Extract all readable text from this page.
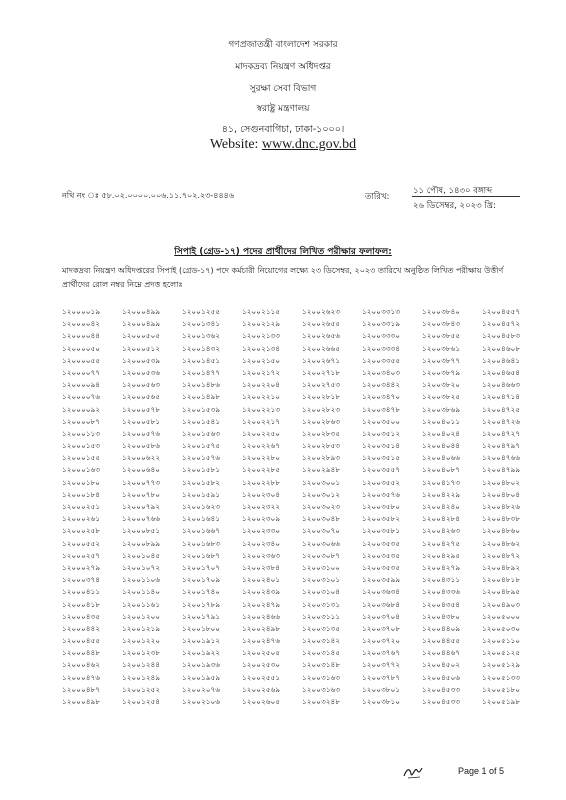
গণপ্রজাতন্ত্রী বাংলাদেশ সরকার
মাদকদ্রব্য নিয়ন্ত্রণ অধিদপ্তর
সুরক্ষা সেবা বিভাগ
স্বরাষ্ট্র মন্ত্রণালয়
৪১, সেগুনবাগিচা, ঢাকা-১০০০।
Website: www.dnc.gov.bd
নথি নং ঃ ৫৮.০২.০০০০.০০৬.১১.৭০২.২৩-৪৪৪৬	তারিখ:
১১ পৌষ, ১৪৩০ বঙ্গাব্দ
২৬ ডিসেম্বর, ২০২৩ খ্রি:
সিপাই (গ্রেড-১৭) পদের প্রার্থীদের লিখিত পরীক্ষার ফলাফল:
মাদকদ্রব্য নিয়ন্ত্রণ অধিদপ্তরের সিপাই (গ্রেড-১৭) পদে কর্মচারী নিয়োগের লক্ষ্যে ২৩ ডিসেম্বর, ২০২৩ তারিখে অনুষ্ঠিত লিখিত পরীক্ষায় উত্তীর্ণ প্রার্থীদের রোল নম্বর নিম্নে প্রদত্ত হলোঃ
১২০০০০১৯
১২০০০০৪২
১২০০০০৪৪
১২০০০০৫০
১২০০০০৫৫
১২০০০০৭৭
১২০০০০৯৪
১২০০০০৭৬
১২০০০০৯২
১২০০০০৮৭
১২০০০১১৩
১২০০০১৫৩
১২০০০১৫৫
১২০০০১৬৩
১২০০০১৮০
১২০০০১৮৪
১২০০০২৫১
১২০০০২৬১
১২০০০২৫৮
১২০০০৫৫২
১২০০০২৫৭
১২০০০২৭৯
১২০০০৩৭৪
১২০০০৪১১
১২০০০৪১৮
১২০০০৪৩৫
১২০০০৪৪২
১২০০০৪৫৫
১২০০০৪৪৮
১২০০০৪৬২
১২০০০৪৭৬
১২০০০৪৮৭
১২০০০৪৯৮
১২০০০৪৯৯
১২০০০৪৯৯
১২০০০৫০৫
১২০০০৫১২
১২০০০৫৩৯
১২০০০৫৩৬
১২০০০৫৬৩
১২০০০৫৬৫
১২০০০৫৭৮
১২০০০৫৮১
১২০০০৫৭৬
১২০০০৫৮৬
১২০০০৬২২
১২০০০৬৪০
১২০০০৭৭৩
১২০০০৭৮০
১২০০০৭৯২
১২০০০৭৬৬
১২০০০৮৫১
১২০০০৮৯৯
১২০০১০৪৫
১২০০১০৭২
১২০০১১০৬
১২০০১১৪০
১২০০১১৬১
১২০০১২০০
১২০০১২১৯
১২০০১২২০
১২০০১২৩৮
১২০০১২৪৪
১২০০১২৪৯
১২০০১২৫২
১২০০১২৫৪
১২০০১২৫৫
১২০০১৩৪১
১২০০১৩৬২
১২০০১৪৩২
১২০০১৪৫১
১২০০১৪৭৭
১২০০১৪৮৬
১২০০১৪৯৮
১২০০১৫৩৯
১২০০১৫৪১
১২০০১৫৬৩
১২০০১৫৭৫
১২০০১৫৭৬
১২০০১৫৮১
১২০০১৫৮২
১২০০১৫৯১
১২০০১৬২৩
১২০০১৬৪১
১২০০১৬৬৭
১২০০১৬৮৩
১২০০১৬৮৭
১২০০১৭০৭
১২০০১৭০৯
১২০০১৭৪০
১২০০১৭৮৯
১২০০১৭৯১
১২০০১৮০০
১২০০১৯১২
১২০০১৯২২
১২০০১৯৩৬
১২০০১৯৫৯
১২০০২০৭৬
১২০০২১০৬
১২০০২১১৫
১২০০২১২৯
১২০০২১৩৩
১২০০২১৩৪
১২০০২১৫০
১২০০২১৭২
১২০০২২০৪
১২০০২২১০
১২০০২২১৩
১২০০২২১৭
১২০০২২৫০
১২০০২২৬৭
১২০০২২৮০
১২০০২২৮৫
১২০০২২৮৮
১২০০২৩০৪
১২০০২৩২২
১২০০২৩০৯
১২০০২৩৩০
১২০০২৩৪০
১২০০২৩৬৩
১২০০২৩৮৪
১২০০২৪০১
১২০০২৪৩৯
১২০০২৪৭৯
১২০০২৪৬৬
১২০০২৪৯৮
১২০০২৪৭৬
১২০০২৫০৫
১২০০২৫৩০
১২০০২৫৫১
১২০০২৫৬৯
১২০০২৬০৫
১২০০২৬২৩
১২০০২৬৫৫
১২০০২৬৫৬
১২০০২৬৬৫
১২০০২৬৭১
১২০০২৭১৮
১২০০২৭৫৩
১২০০২৮১৮
১২০০২৮২৩
১২০০২৮৬৩
১২০০২৮৩৫
১২০০২৮৫৩
১২০০২৮৯৩
১২০০২৯৪৮
১২০০৩০০১
১২০০৩০১২
১২০০৩০২৩
১২০০৩০৪৮
১২০০৩০৭০
১২০০৩০৬৬
১২০০৩০৮৭
১২০০৩১০০
১২০০৩১০১
১২০০৩১০৪
১২০০৩১৩১
১২০০৩১১১
১২০০৩১৩৫
১২০০৩১৪২
১২০০৩১৪৫
১২০০৩১৪৮
১২০০৩১৬৩
১২০০৩১৬৩
১২০০৩২৪৮
১২০০৩৩১৩
১২০০৩৩১৯
১২০০৩৩৩০
১২০০৩৩৩৪
১২০০৩৩৫৫
১২০০৩৪০৩
১২০০৩৪৪২
১২০০৩৪৭০
১২০০৩৪৭৮
১২০০৩৫০০
১২০০৩৫১২
১২০০৩৫১৪
১২০০৩৫১৫
১২০০৩৫৫৭
১২০০৩৫৫২
১২০০৩৫৭৬
১২০০৩৫৮০
১২০০৩৫৮২
১২০০৩৫৮১
১২০০৩৫৩৫
১২০০৩৫৩৫
১২০০৩৫৩৫
১২০০৩৫৯৯
১২০০৩৬৩৪
১২০০৩৬৮৪
১২০০৩৭০৪
১২০০৩৭০৮
১২০০৩৭২০
১২০০৩৭৬৭
১২০০৩৭৭২
১২০০৩৭৮৭
১২০০৩৮০১
১২০০৩৮১০
১২০০৩৮৪০
১২০০৩৮৪৩
১২০০৩৮৫৫
১২০০৩৮৬১
১২০০৩৮৭৭
১২০০৩৮৭৯
১২০০৩৮২০
১২০০৩৮২৫
১২০০৩৮৬৯
১২০০৪০১১
১২০০৪০২৪
১২০০৪০৪৪
১২০০৪০৬৬
১২০০৪০৮৭
১২০০৪১৭৩
১২০০৪২২৯
১২০০৪২৪০
১২০০৪২৮৪
১২০০৪২৬৩
১২০০৪২৭৫
১২০০৪২৯৫
১২০০৪২৭৯
১২০০৪৩১১
১২০০৪৩৩৬
১২০০৪৩৫৪
১২০০৪৩৮০
১২০০৪৪০৯
১২০০৪৪৫৫
১২০০৪৪৬৭
১২০০৪৫০২
১২০০৪৫০৬
১২০০৪৫৩৩
১২০০৪৫৩৩
১২০০৪৫৫৭
১২০০৪৫৭২
১২০০৪৫৮৩
১২০০৪৬০৮
১২০০৪৬৪১
১২০০৪৬৫৪
১২০০৪৬৬৩
১২০০৪৭১৪
১২০০৪৭২৫
১২০০৪৭২৬
১২০০৪৭২৭
১২০০৪৭৯৭
১২০০৪৭৬৬
১২০০৪৭৯৯
১২০০৪৮০২
১২০০৪৮০৪
১২০০৪৮২৬
১২০০৪৮৩৮
১২০০৪৮৬০
১২০০৪৮৬২
১২০০৪৮৭২
১২০০৪৮৯২
১২০০৪৮১৮
১২০০৪৮৯৫
১২০০৪৯০৩
১২০০৫০০০
১২০০৫০৩০
১২০০৫১১০
১২০০৫১২৫
১২০০৫১২৯
১২০০৫১৩৩
১২০০৫১৮০
১২০০৫১৯৮
Page 1 of 5
